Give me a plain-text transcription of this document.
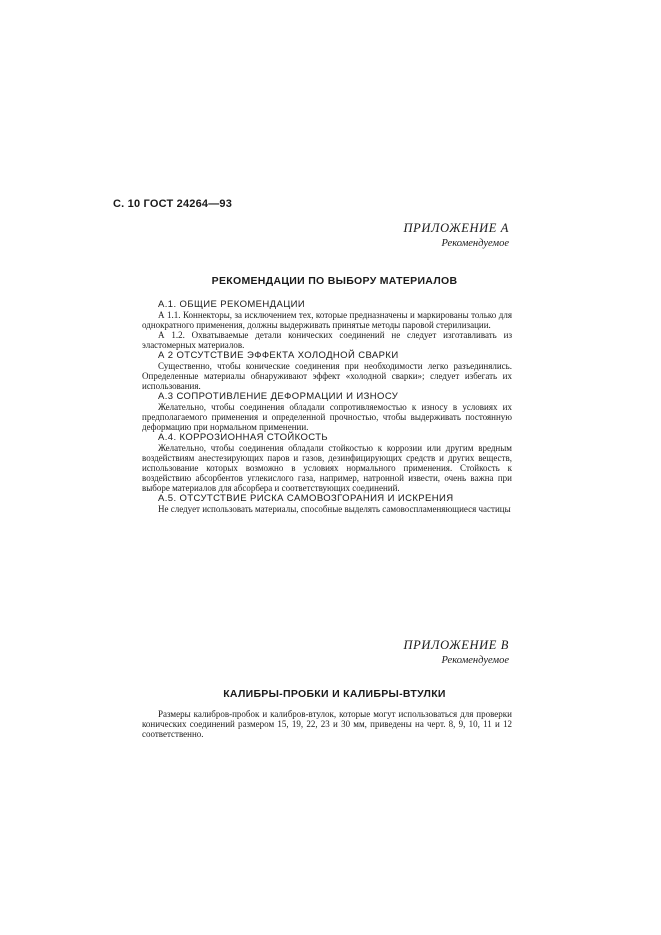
С. 10 ГОСТ 24264—93
ПРИЛОЖЕНИЕ А
Рекомендуемое
РЕКОМЕНДАЦИИ ПО ВЫБОРУ МАТЕРИАЛОВ

А.1. ОБЩИЕ РЕКОМЕНДАЦИИ

А 1.1. Коннекторы, за исключением тех, которые предназначены и маркированы только для однократного применения, должны выдерживать принятые методы паровой стерилизации.

А 1.2. Охватываемые детали конических соединений не следует изготавливать из эластомерных материалов.

А 2 ОТСУТСТВИЕ ЭФФЕКТА ХОЛОДНОЙ СВАРКИ

Существенно, чтобы конические соединения при необходимости легко разъединялись. Определенные материалы обнаруживают эффект «холодной сварки»; следует избегать их использования.

А.3 СОПРОТИВЛЕНИЕ ДЕФОРМАЦИИ И ИЗНОСУ

Желательно, чтобы соединения обладали сопротивляемостью к износу в условиях их предполагаемого применения и определенной прочностью, чтобы выдерживать постоянную деформацию при нормальном применении.

А.4. КОРРОЗИОННАЯ СТОЙКОСТЬ

Желательно, чтобы соединения обладали стойкостью к коррозии или другим вредным воздействиям анестезирующих паров и газов, дезинфицирующих средств и других веществ, использование которых возможно в условиях нормального применения. Стойкость к воздействию абсорбентов углекислого газа, например, натронной извести, очень важна при выборе материалов для абсорбера и соответствующих соединений.

А.5. ОТСУТСТВИЕ РИСКА САМОВОЗГОРАНИЯ И ИСКРЕНИЯ

Не следует использовать материалы, способные выделять самовоспламеняющиеся частицы

ПРИЛОЖЕНИЕ В
Рекомендуемое
КАЛИБРЫ-ПРОБКИ И КАЛИБРЫ-ВТУЛКИ

Размеры калибров-пробок и калибров-втулок, которые могут использоваться для проверки конических соединений размером 15, 19, 22, 23 и 30 мм, приведены на черт. 8, 9, 10, 11 и 12 соответственно.
